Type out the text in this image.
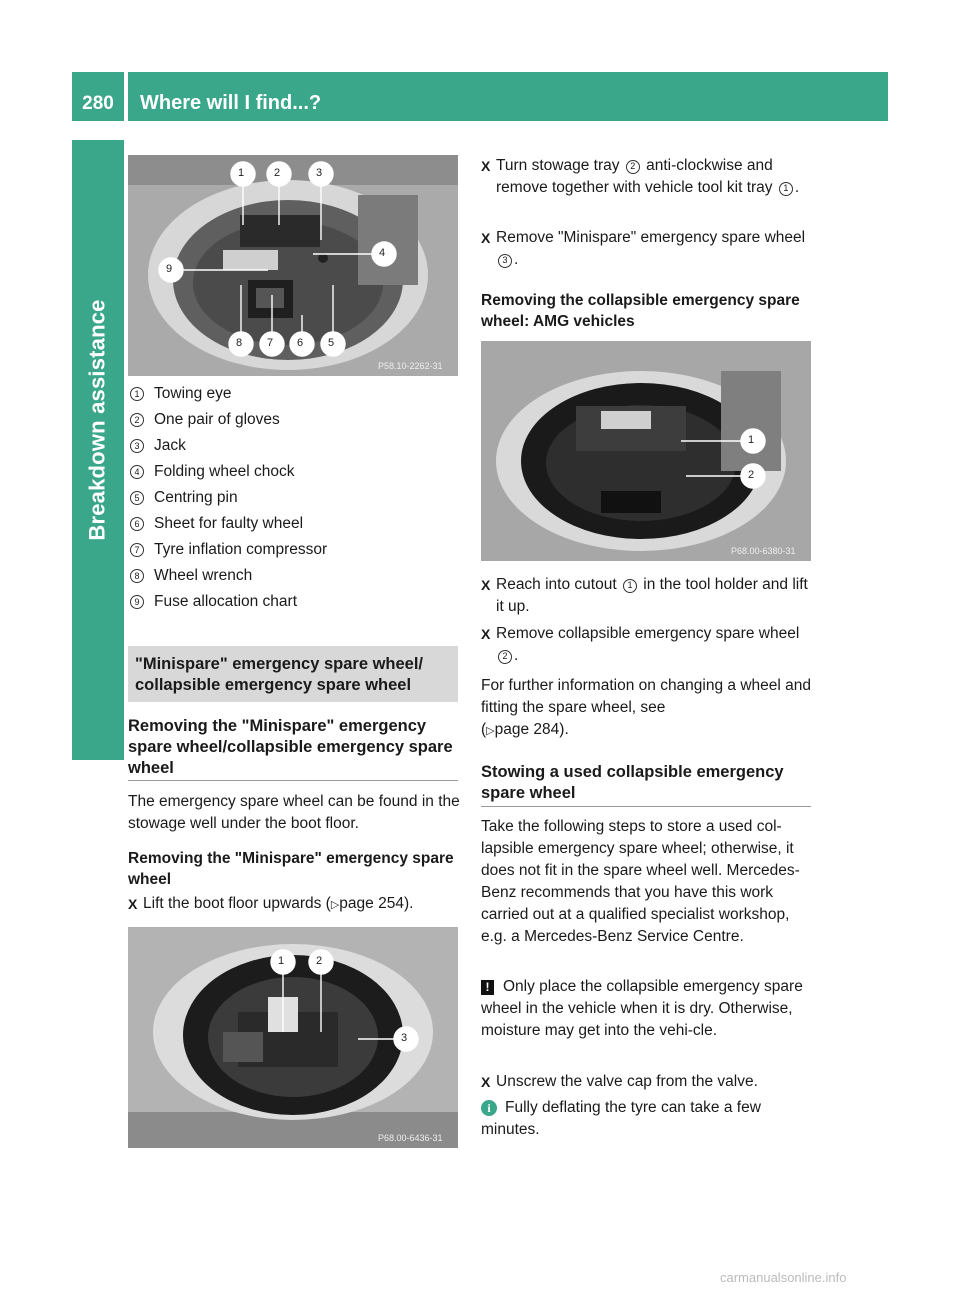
280	Where will I find...?
Breakdown assistance	P58.10-2262-31
1	2	3
4
9
8 7 6 5
1 Towing eye
2 One pair of gloves
3 Jack
4 Folding wheel chock
5 Centring pin
6 Sheet for faulty wheel
7 Tyre inflation compressor
8 Wheel wrench
9 Fuse allocation chart
"Minispare" emergency spare wheel/ collapsible emergency spare wheel
Removing the "Minispare" emergency spare wheel/collapsible emergency spare wheel
The emergency spare wheel can be found in the stowage well under the boot floor.
Removing the "Minispare" emergency spare wheel
X Lift the boot floor upwards (▷page 254).
P68.00-6436-31
1	2
3
X Turn stowage tray 2 anti-clockwise and remove together with vehicle tool kit tray 1 .
X Remove "Minispare" emergency spare wheel 3 .
Removing the collapsible emergency spare wheel: AMG vehicles
P68.00-6380-31
1
2
X Reach into cutout 1 in the tool holder and lift it up.
X Remove collapsible emergency spare wheel 2 .
For further information on changing a wheel and fitting the spare wheel, see
(▷page 284).
Stowing a used collapsible emergency spare wheel
Take the following steps to store a used col-lapsible emergency spare wheel; otherwise, it does not fit in the spare wheel well. Mercedes-Benz recommends that you have this work carried out at a qualified specialist workshop, e.g. a Mercedes-Benz Service Centre.
! Only place the collapsible emergency spare wheel in the vehicle when it is dry. Otherwise, moisture may get into the vehi-cle.
X Unscrew the valve cap from the valve.
i Fully deflating the tyre can take a few minutes.
carmanualsonline.info
